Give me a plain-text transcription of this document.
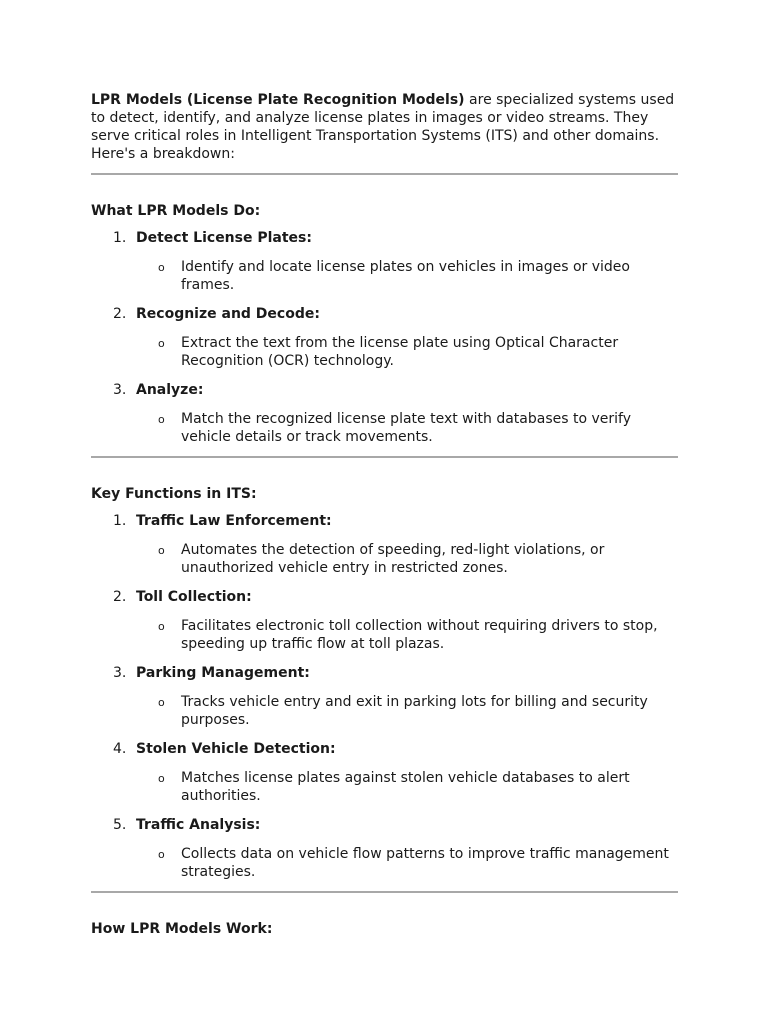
LPR Models (License Plate Recognition Models) are specialized systems used to detect, identify, and analyze license plates in images or video streams. They serve critical roles in Intelligent Transportation Systems (ITS) and other domains. Here's a breakdown:

What LPR Models Do:
1. Detect License Plates:
o Identify and locate license plates on vehicles in images or video frames.
2. Recognize and Decode:
o Extract the text from the license plate using Optical Character Recognition (OCR) technology.
3. Analyze:
o Match the recognized license plate text with databases to verify vehicle details or track movements.
Key Functions in ITS:
1. Traffic Law Enforcement:
o Automates the detection of speeding, red-light violations, or unauthorized vehicle entry in restricted zones.
2. Toll Collection:
o Facilitates electronic toll collection without requiring drivers to stop, speeding up traffic flow at toll plazas.
3. Parking Management:
o Tracks vehicle entry and exit in parking lots for billing and security purposes.
4. Stolen Vehicle Detection:
o Matches license plates against stolen vehicle databases to alert authorities.
5. Traffic Analysis:
o Collects data on vehicle flow patterns to improve traffic management strategies.
How LPR Models Work:
